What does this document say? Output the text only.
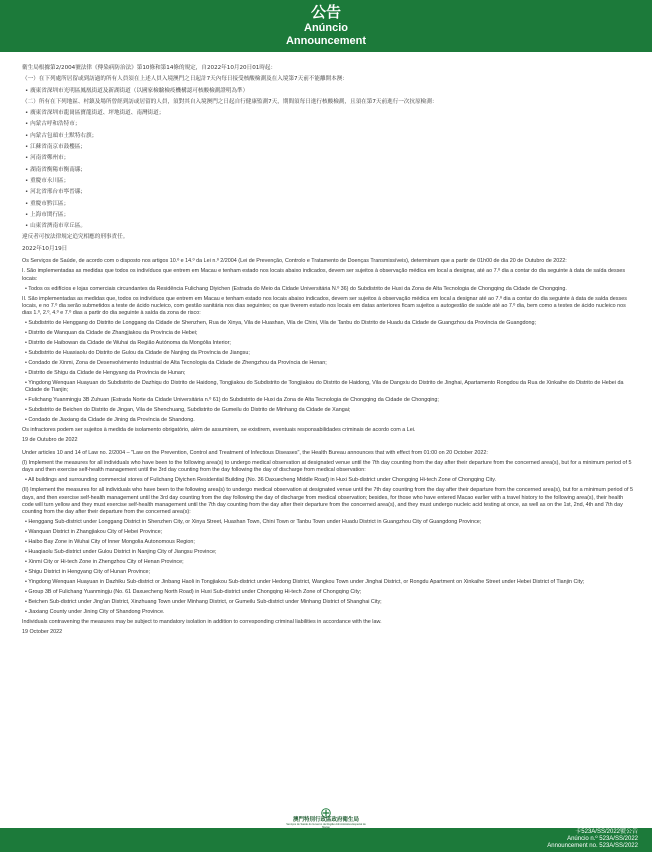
公告
Anúncio
Announcement

衛生局根據第2/2004號法律《傳染病防治法》第10條和第14條的規定，自2022年10月20日01時起：

（一）在下列處所居留或到訪過的所有人員須在上述人員入境澳門之日起計7天內每日接受核酸檢測及在入境第7天前不能離開本澳：

• 廣東省深圳市光明區鳳凰街道及新湖街道（以國家檢驗檢疫機構認可核酸檢測證明為準）

（二）所有在下列地區、村鎮及場所曾經到訪或居留的人員，須對其自入境澳門之日起自行健康監測7天，期間須每日進行核酸檢測，且須在第7天前進行一次抗原檢測：

• 廣東省深圳市龍崗區寶龍街道、坪地街道、南灣街道；

• 內蒙古呼和浩特市；

• 內蒙古包頭市土默特右旗；

• 江蘇省南京市鼓樓區；

• 河南省鄭州市；

• 湖南省衡陽市衡南縣；

• 重慶市永川區；

• 河北省邢台市寧晉縣；

• 重慶市黔江區；

• 上海市閔行區；

• 山東省濟南市章丘區。

違反者可按法律規定追究相應的刑事責任。

2022年10月19日

Os Serviços de Saúde, de acordo com o disposto nos artigos 10.º e 14.º da Lei n.º 2/2004 (Lei de Prevenção, Controlo e Tratamento de Doenças Transmissíveis), determinam que a partir de 01h00 de dia 20 de Outubro de 2022:

I. São implementadas as medidas que todos os indivíduos que entrem em Macau e tenham estado nos locais abaixo indicados, devem ser sujeitos à observação médica em local a designar, até ao 7.º dia a contar do dia seguinte à data de saída desses locais:

• Todos os edifícios e lojas comerciais circundantes da Residência Fulichang Diyichen (Estrada do Meio da Cidade Universitária N.º 36) do Subdistrito de Huxi da Zona de Alta Tecnologia de Chongqing da Cidade de Chongqing.

II. São implementadas as medidas que, todos os indivíduos que entrem em Macau e tenham estado nos locais abaixo indicados, devem ser sujeitos à observação médica em local a designar até ao 7.º dia a contar do dia seguinte à data de saída desses locais, e no 7.º dia serão submetidos a teste de ácido nucleico, com gestão sanitária nos dias seguintes; os que tiverem estado nos locais em datas anteriores ficam sujeitos a autogestão de saúde até ao 7.º dia, bem como a testes de ácido nucleico nos dias 1.º, 2.º, 4.º e 7.º dias a partir do dia seguinte à saída da zona de risco:

• Subdistrito de Henggang do Distrito de Longgang da Cidade de Shenzhen, Rua de Xinya, Vila de Huashan, Vila de Chini, Vila de Tanbu do Distrito de Huadu da Cidade de Guangzhou da Província de Guangdong;

• Distrito de Wanquan da Cidade de Zhangjiakou da Província de Hebei;

• Distrito de Haibowan da Cidade de Wuhai da Região Autónoma da Mongólia Interior;

• Subdistrito de Huaxiaolu do Distrito de Gulou da Cidade de Nanjing da Província de Jiangsu;

• Condado de Xinmi, Zona de Desenvolvimento Industrial de Alta Tecnologia da Cidade de Zhengzhou da Província de Henan;

• Distrito de Shigu da Cidade de Hengyang da Província de Hunan;

• Yingdong Wenquan Huayuan do Subdistrito de Dazhiqu do Distrito de Haidong, Tongjiakou do Subdistrito de Tongjiakou do Distrito de Haidong, Vila de Dangxiu do Distrito de Jinghai, Apartamento Rongdou da Rua de Xinkaihe do Distrito de Hebei da Cidade de Tianjin;

• Fulichang Yuanmingju 3B Zuhuan (Estrada Norte da Cidade Universitária n.º 61) do Subdistrito de Huxi da Zona de Alta Tecnologia de Chongqing da Cidade de Chongqing;

• Subdistrito de Beichen do Distrito de Jingan, Vila de Shenchuang, Subdistrito de Gumeilu do Distrito de Minhang da Cidade de Xangai;

• Condado de Jiaxiang da Cidade de Jining da Província de Shandong.

Os infractores podem ser sujeitos à medida de isolamento obrigatório, além de assumirem, se existirem, eventuais responsabilidades criminais de acordo com a Lei.

19 de Outubro de 2022

Under articles 10 and 14 of Law no. 2/2004 – "Law on the Prevention, Control and Treatment of Infectious Diseases", the Health Bureau announces that with effect from 01:00 on 20 October 2022:

(I) Implement the measures for all individuals who have been to the following area(s) to undergo medical observation at designated venue until the 7th day counting from the day after their departure from the concerned area(s), but for a minimum period of 5 days and then exercise self-health management until the 3rd day counting from the day following the day of discharge from medical observation:

• All buildings and surrounding commercial stores of Fulichang Diyichen Residential Building (No. 36 Daxuecheng Middle Road) in Huxi Sub-district under Chongqing Hi-tech Zone of Chongqing City.

(II) Implement the measures for all individuals who have been to the following area(s) to undergo medical observation at designated venue until the 7th day counting from the day after their departure from the concerned area(s), but for a minimum period of 5 days, and then exercise self-health management until the 3rd day counting from the day following the day of discharge from medical observation; besides, for those who have entered Macao earlier with a travel history to the following area(s), their health code will turn yellow and they must exercise self-health management until the 7th day counting from the day after their departure from the concerned area(s), and they must undergo nucleic acid testing at once, as well as on the 1st, 2nd, 4th and 7th day counting from the day after their departure from the concerned area(s):

• Henggang Sub-district under Longgang District in Shenzhen City, or Xinya Street, Huashan Town, Chini Town or Tanbu Town under Huadu District in Guangzhou City of Guangdong Province;

• Wanquan District in Zhangjiakou City of Hebei Province;

• Haibo Bay Zone in Wuhai City of Inner Mongolia Autonomous Region;

• Huaqiaolu Sub-district under Gulou District in Nanjing City of Jiangsu Province;

• Xinmi City or Hi-tech Zone in Zhengzhou City of Henan Province;

• Shigu District in Hengyang City of Hunan Province;

• Yingdong Wenquan Huayuan in Dazhiku Sub-district or Jinbang Haoli in Tongjiakou Sub-district under Hedong District, Wangkou Town under Jinghai District, or Rongdu Apartment on Xinkaihe Street under Hebei District of Tianjin City;

• Group 3B of Fulichang Yuanmingju (No. 61 Daxuecheng North Road) in Huxi Sub-district under Chongqing Hi-tech Zone of Chongqing City;

• Beichen Sub-district under Jing'an District, Xinzhuang Town under Minhang District, or Gumeilu Sub-district under Minhang District of Shanghai City;

• Jiaxiang County under Jining City of Shandong Province.

Individuals contravening the measures may be subject to mandatory isolation in addition to corresponding criminal liabilities in accordance with the law.

19 October 2022

澳門特別行政區政府衛生局
Serviços de Saúde do Governo da Região Administrativa Especial de Macau
卡523A/SS/2022號公告
Anúncio n.º 523A/SS/2022
Announcement no. 523A/SS/2022
